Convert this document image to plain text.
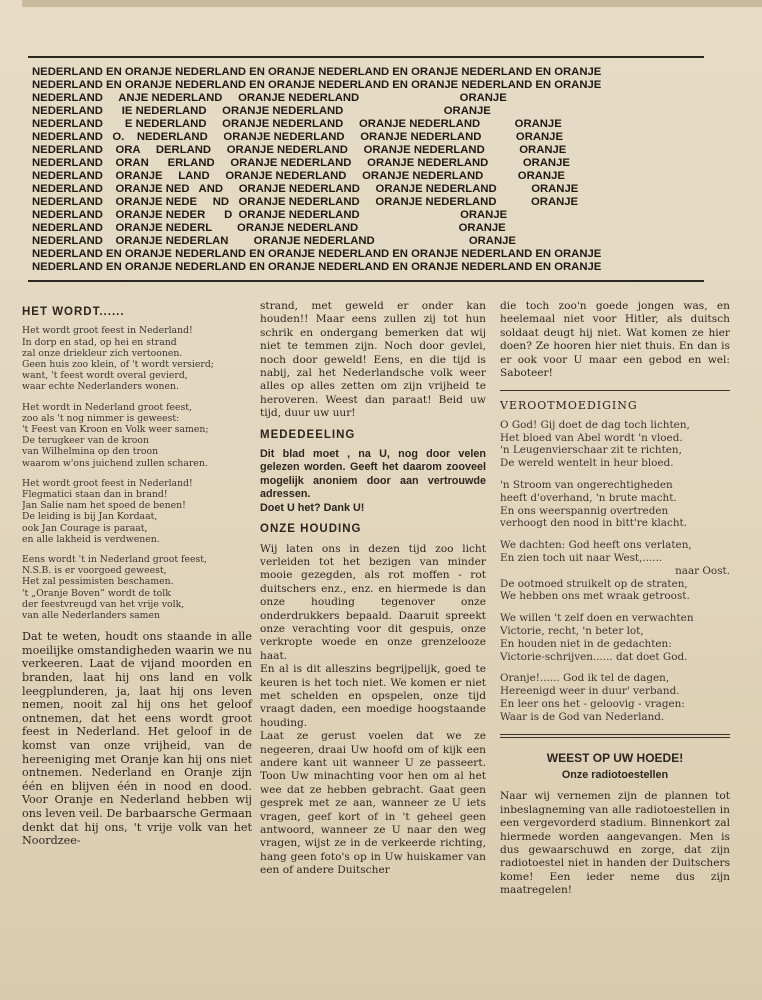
NEDERLAND EN ORANJE NEDERLAND EN ORANJE NEDERLAND EN ORANJE NEDERLAND EN ORANJE
NEDERLAND EN ORANJE NEDERLAND EN ORANJE NEDERLAND EN ORANJE NEDERLAND EN ORANJE
NEDERLAND     ANJE NEDERLAND     ORANJE NEDERLAND                                ORANJE
NEDERLAND      IE NEDERLAND     ORANJE NEDERLAND                                ORANJE
NEDERLAND       E NEDERLAND     ORANJE NEDERLAND     ORANJE NEDERLAND           ORANJE
NEDERLAND   O.    NEDERLAND     ORANJE NEDERLAND     ORANJE NEDERLAND           ORANJE
NEDERLAND    ORA     DERLAND     ORANJE NEDERLAND     ORANJE NEDERLAND           ORANJE
NEDERLAND    ORAN      ERLAND     ORANJE NEDERLAND     ORANJE NEDERLAND           ORANJE
NEDERLAND    ORANJE     LAND     ORANJE NEDERLAND     ORANJE NEDERLAND           ORANJE
NEDERLAND    ORANJE NED   AND     ORANJE NEDERLAND     ORANJE NEDERLAND           ORANJE
NEDERLAND    ORANJE NEDE     ND   ORANJE NEDERLAND     ORANJE NEDERLAND           ORANJE
NEDERLAND    ORANJE NEDER      D  ORANJE NEDERLAND                                ORANJE
NEDERLAND    ORANJE NEDERL        ORANJE NEDERLAND                                ORANJE
NEDERLAND    ORANJE NEDERLAN        ORANJE NEDERLAND                              ORANJE
NEDERLAND EN ORANJE NEDERLAND EN ORANJE NEDERLAND EN ORANJE NEDERLAND EN ORANJE
NEDERLAND EN ORANJE NEDERLAND EN ORANJE NEDERLAND EN ORANJE NEDERLAND EN ORANJE
HET WORDT......
Het wordt groot feest in Nederland!
In dorp en stad, op hei en strand
zal onze driekleur zich vertoonen.
Geen huis zoo klein, of 't wordt versierd;
want, 't feest wordt overal gevierd,
waar echte Nederlanders wonen.
Het wordt in Nederland groot feest,
zoo als 't nog nimmer is geweest:
't Feest van Kroon en Volk weer samen;
De terugkeer van de kroon
van Wilhelmina op den troon
waarom w'ons juichend zullen scharen.
Het wordt groot feest in Nederland!
Flegmatici staan dan in brand!
Jan Salie nam het spoed de benen!
De leiding is bij Jan Kordaat,
ook Jan Courage is paraat,
en alle lakheid is verdwenen.
Eens wordt 't in Nederland groot feest,
N.S.B. is er voorgoed geweest,
Het zal pessimisten beschamen.
't „Oranje Boven” wordt de tolk
der feestvreugd van het vrije volk,
van alle Nederlanders samen

Dat te weten, houdt ons staande in alle moeilijke omstandigheden waarin we nu verkeeren. Laat de vijand moorden en branden, laat hij ons land en volk leegplunderen, ja, laat hij ons leven nemen, nooit zal hij ons het geloof ontnemen, dat het eens wordt groot feest in Nederland. Het geloof in de komst van onze vrijheid, van de hereeniging met Oranje kan hij ons niet ontnemen. Nederland en Oranje zijn één en blijven één in nood en dood. Voor Oranje en Nederland hebben wij ons leven veil. De barbaarsche Germaan denkt dat hij ons, 't vrije volk van het Noordzee-

strand, met geweld er onder kan houden!! Maar eens zullen zij tot hun schrik en ondergang bemerken dat wij niet te temmen zijn. Noch door gevlei, noch door geweld! Eens, en die tijd is nabij, zal het Nederlandsche volk weer alles op alles zetten om zijn vrijheid te heroveren. Weest dan paraat! Beid uw tijd, duur uw uur!

MEDEDEELING

Dit blad moet , na U, nog door velen gelezen worden. Geeft het daarom zooveel mogelijk anoniem door aan vertrouwde adressen.

Doet U het? Dank U!

ONZE HOUDING

Wij laten ons in dezen tijd zoo licht verleiden tot het bezigen van minder mooie gezegden, als rot moffen - rot duitschers enz., enz. en hiermede is dan onze houding tegenover onze onderdrukkers bepaald. Daaruit spreekt onze verachting voor dit gespuis, onze verkropte woede en onze grenzelooze haat.

En al is dit alleszins begrijpelijk, goed te keuren is het toch niet. We komen er niet met schelden en opspelen, onze tijd vraagt daden, een moedige hoogstaande houding.

Laat ze gerust voelen dat we ze negeeren, draai Uw hoofd om of kijk een andere kant uit wanneer U ze passeert. Toon Uw minachting voor hen om al het wee dat ze hebben gebracht. Gaat geen gesprek met ze aan, wanneer ze U iets vragen, geef kort of in 't geheel geen antwoord, wanneer ze U naar den weg vragen, wijst ze in de verkeerde richting, hang geen foto's op in Uw huiskamer van een of andere Duitscher

die toch zoo'n goede jongen was, en heelemaal niet voor Hitler, als duitsch soldaat deugt hij niet. Wat komen ze hier doen? Ze hooren hier niet thuis. En dan is er ook voor U maar een gebod en wel: Saboteer!

VEROOTMOEDIGING
O God! Gij doet de dag toch lichten,
Het bloed van Abel wordt 'n vloed.
'n Leugenvierschaar zit te richten,
De wereld wentelt in heur bloed.
'n Stroom van ongerechtigheden
heeft d'overhand, 'n brute macht.
En ons weerspannig overtreden
verhoogt den nood in bitt're klacht.
We dachten: God heeft ons verlaten,
En zien toch uit naar West,......
naar Oost.
De ootmoed struikelt op de straten,
We hebben ons met wraak getroost.
We willen 't zelf doen en verwachten
Victorie, recht, 'n beter lot,
En houden niet in de gedachten:
Victorie-schrijven...... dat doet God.
Oranje!...... God ik tel de dagen,
Hereenigd weer in duur' verband.
En leer ons het - geloovig - vragen:
Waar is de God van Nederland.
WEEST OP UW HOEDE!
Onze radiotoestellen

Naar wij vernemen zijn de plannen tot inbeslagneming van alle radiotoestellen in een vergevorderd stadium. Binnenkort zal hiermede worden aangevangen. Men is dus gewaarschuwd en zorge, dat zijn radiotoestel niet in handen der Duitschers kome! Een ieder neme dus zijn maatregelen!
